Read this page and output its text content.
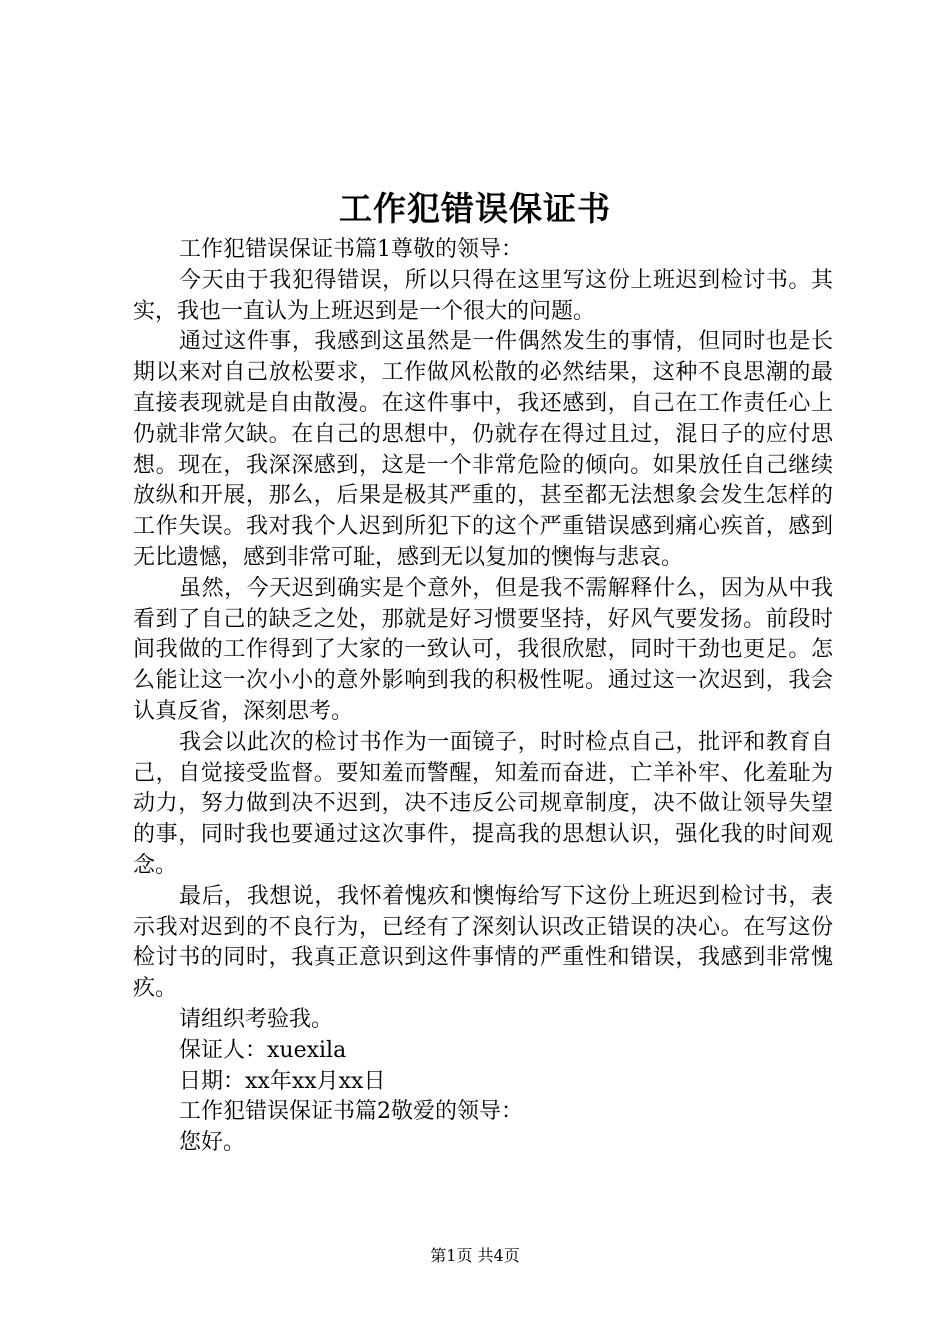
工作犯错误保证书

工作犯错误保证书篇1尊敬的领导：

今天由于我犯得错误，所以只得在这里写这份上班迟到检讨书。其实，我也一直认为上班迟到是一个很大的问题。

通过这件事，我感到这虽然是一件偶然发生的事情，但同时也是长期以来对自己放松要求，工作做风松散的必然结果，这种不良思潮的最直接表现就是自由散漫。在这件事中，我还感到，自己在工作责任心上仍就非常欠缺。在自己的思想中，仍就存在得过且过，混日子的应付思想。现在，我深深感到，这是一个非常危险的倾向。如果放任自己继续放纵和开展，那么，后果是极其严重的，甚至都无法想象会发生怎样的工作失误。我对我个人迟到所犯下的这个严重错误感到痛心疾首，感到无比遗憾，感到非常可耻，感到无以复加的懊悔与悲哀。

虽然，今天迟到确实是个意外，但是我不需解释什么，因为从中我看到了自己的缺乏之处，那就是好习惯要坚持，好风气要发扬。前段时间我做的工作得到了大家的一致认可，我很欣慰，同时干劲也更足。怎么能让这一次小小的意外影响到我的积极性呢。通过这一次迟到，我会认真反省，深刻思考。

我会以此次的检讨书作为一面镜子，时时检点自己，批评和教育自己，自觉接受监督。要知羞而警醒，知羞而奋进，亡羊补牢、化羞耻为动力，努力做到决不迟到，决不违反公司规章制度，决不做让领导失望的事，同时我也要通过这次事件，提高我的思想认识，强化我的时间观念。

最后，我想说，我怀着愧疚和懊悔给写下这份上班迟到检讨书，表示我对迟到的不良行为，已经有了深刻认识改正错误的决心。在写这份检讨书的同时，我真正意识到这件事情的严重性和错误，我感到非常愧疚。

请组织考验我。

保证人：xuexila

日期：xx年xx月xx日

工作犯错误保证书篇2敬爱的领导：

您好。

第1页 共4页
